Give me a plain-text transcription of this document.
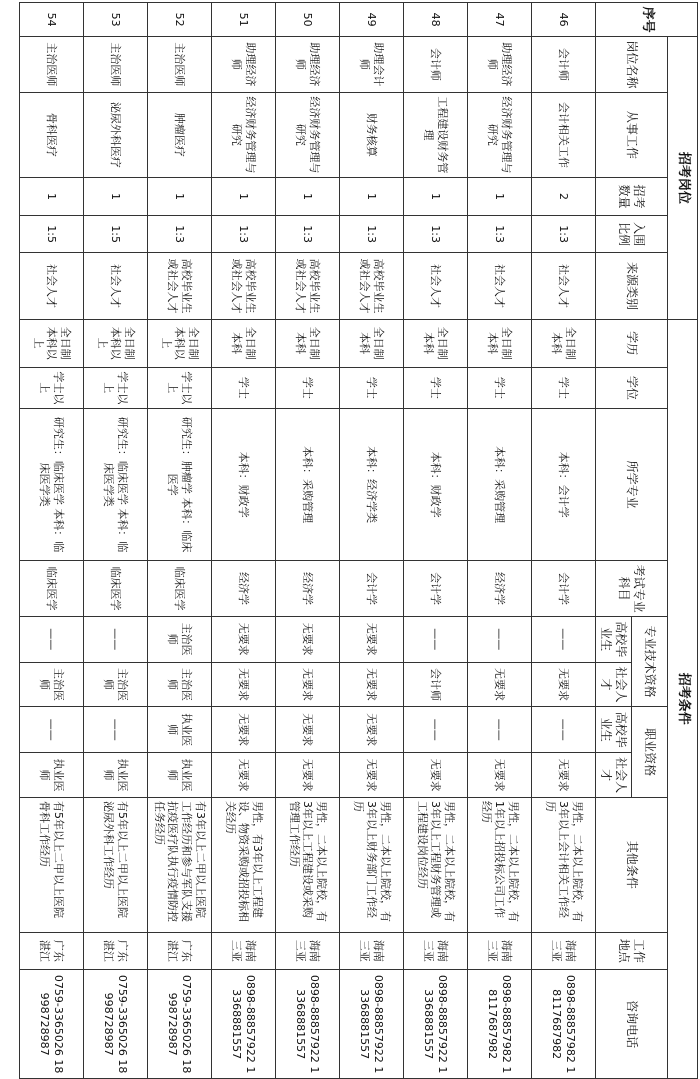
序号	招考岗位					招考条件										
	岗位名称	从事工作	招考数量	入围比例	来源类别	学历	学位	所学专业	考试专业科目	专业技术资格		职业资格		其他条件	工作地点	咨询电话
										高校毕业生	社会人才	高校毕业生	社会人才			
46	会计师	会计相关工作	2	1:3	社会人才	全日制本科	学士	本科：会计学	会计学	——	无要求	——	无要求	男性，二本以上院校，有3年以上会计相关工作经历	海南三亚	0898-88857982 18117687982
47	助理经济师	经济财务管理与研究	1	1:3	社会人才	全日制本科	学士	本科：采购管理	经济学	——	无要求	——	无要求	男性，二本以上院校，有1年以上招投标公司工作经历	海南三亚	0898-88857982 18117687982
48	会计师	工程建设财务管理	1	1:3	社会人才	全日制本科	学士	本科：财政学	会计学	——	会计师	——	无要求	男性，二本以上院校，有3年以上工程财务管理或工程建设岗位经历	海南三亚	0898-88857922 13368881557
49	助理会计师	财务核算	1	1:3	高校毕业生或社会人才	全日制本科	学士	本科：经济学类	会计学	无要求	无要求	无要求	无要求	男性，二本以上院校，有3年以上财务部门工作经历	海南三亚	0898-88857922 13368881557
50	助理经济师	经济财务管理与研究	1	1:3	高校毕业生或社会人才	全日制本科	学士	本科：采购管理	经济学	无要求	无要求	无要求	无要求	男性，二本以上院校，有3年以上工程建设或采购管理工作经历	海南三亚	0898-88857922 13368881557
51	助理经济师	经济财务管理与研究	1	1:3	高校毕业生或社会人才	全日制本科	学士	本科：财政学	经济学	无要求	无要求	无要求	无要求	男性，有3年以上工程建设、物资采购或招投标相关经历	海南三亚	0898-88857922 13368881557
52	主治医师	肿瘤医疗	1	1:3	高校毕业生或社会人才	全日制本科以上	学士以上	研究生：肿瘤学 本科：临床医学	临床医学	主治医师	主治医师	执业医师	执业医师	有3年以上二甲以上医院工作经历和参与军队支援抗疫医疗队执行疫情防控任务经历	广东湛江	0759-3365026 18998728987
53	主治医师	泌尿外科医疗	1	1:5	社会人才	全日制本科以上	学士以上	研究生：临床医学 本科：临床医学类	临床医学	——	主治医师	——	执业医师	有5年以上二甲以上医院泌尿外科工作经历	广东湛江	0759-3365026 18998728987
54	主治医师	骨科医疗	1	1:5	社会人才	全日制本科以上	学士以上	研究生：临床医学 本科：临床医学类	临床医学	——	主治医师	——	执业医师	有5年以上二甲以上医院骨科工作经历	广东湛江	0759-3365026 18998728987
